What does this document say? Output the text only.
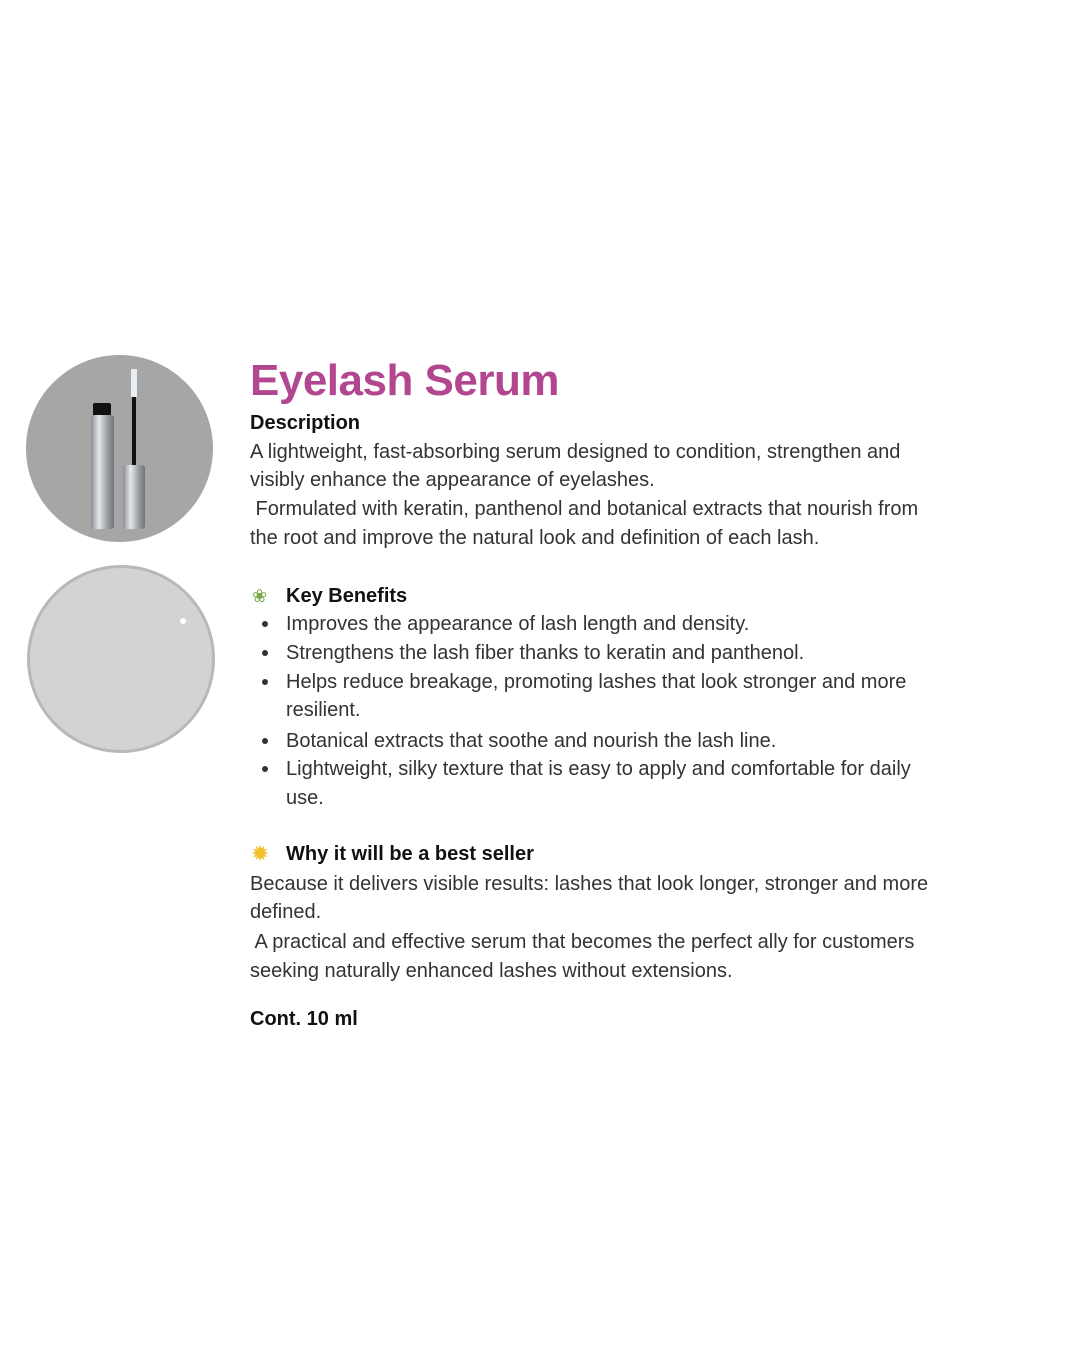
Eyelash Serum
Description
A lightweight, fast-absorbing serum designed to condition, strengthen and
visibly enhance the appearance of eyelashes.
Formulated with keratin, panthenol and botanical extracts that nourish from
the root and improve the natural look and definition of each lash.
❀ Key Benefits
Improves the appearance of lash length and density.
Strengthens the lash fiber thanks to keratin and panthenol.
Helps reduce breakage, promoting lashes that look stronger and more
resilient.
Botanical extracts that soothe and nourish the lash line.
Lightweight, silky texture that is easy to apply and comfortable for daily
use.
✹ Why it will be a best seller
Because it delivers visible results: lashes that look longer, stronger and more
defined.
A practical and effective serum that becomes the perfect ally for customers
seeking naturally enhanced lashes without extensions.
Cont. 10 ml
